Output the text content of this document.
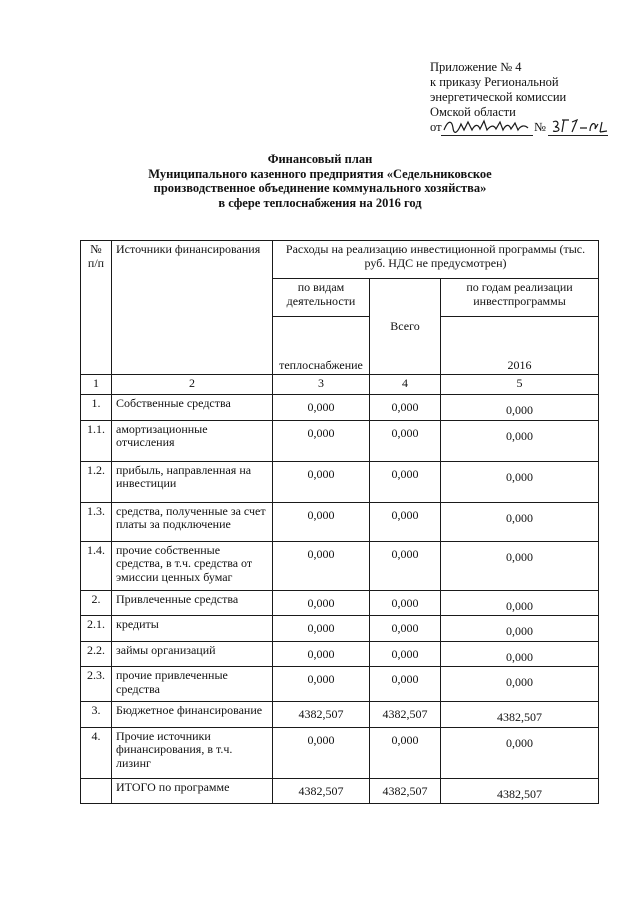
Приложение № 4
к приказу Региональной
энергетической комиссии
Омской области
от	№
Финансовый план
Муниципального казенного предприятия «Седельниковское
производственное объединение коммунального хозяйства»
в сфере теплоснабжения на 2016 год
№ п/п	Источники финансирования	Расходы на реализацию инвестиционной программы (тыс. руб. НДС не предусмотрен)		
		по видам деятельности	Всего	по годам реализации инвестпрограммы
		теплоснабжение		2016
1	2	3	4	5
1.	Собственные средства	0,000	0,000	0,000
1.1.	амортизационные отчисления	0,000	0,000	0,000
1.2.	прибыль, направленная на инвестиции	0,000	0,000	0,000
1.3.	средства, полученные за счет платы за подключение	0,000	0,000	0,000
1.4.	прочие собственные средства, в т.ч. средства от эмиссии ценных бумаг	0,000	0,000	0,000
2.	Привлеченные средства	0,000	0,000	0,000
2.1.	кредиты	0,000	0,000	0,000
2.2.	займы организаций	0,000	0,000	0,000
2.3.	прочие привлеченные средства	0,000	0,000	0,000
3.	Бюджетное финансирование	4382,507	4382,507	4382,507
4.	Прочие источники финансирования, в т.ч. лизинг	0,000	0,000	0,000
	ИТОГО по программе	4382,507	4382,507	4382,507
